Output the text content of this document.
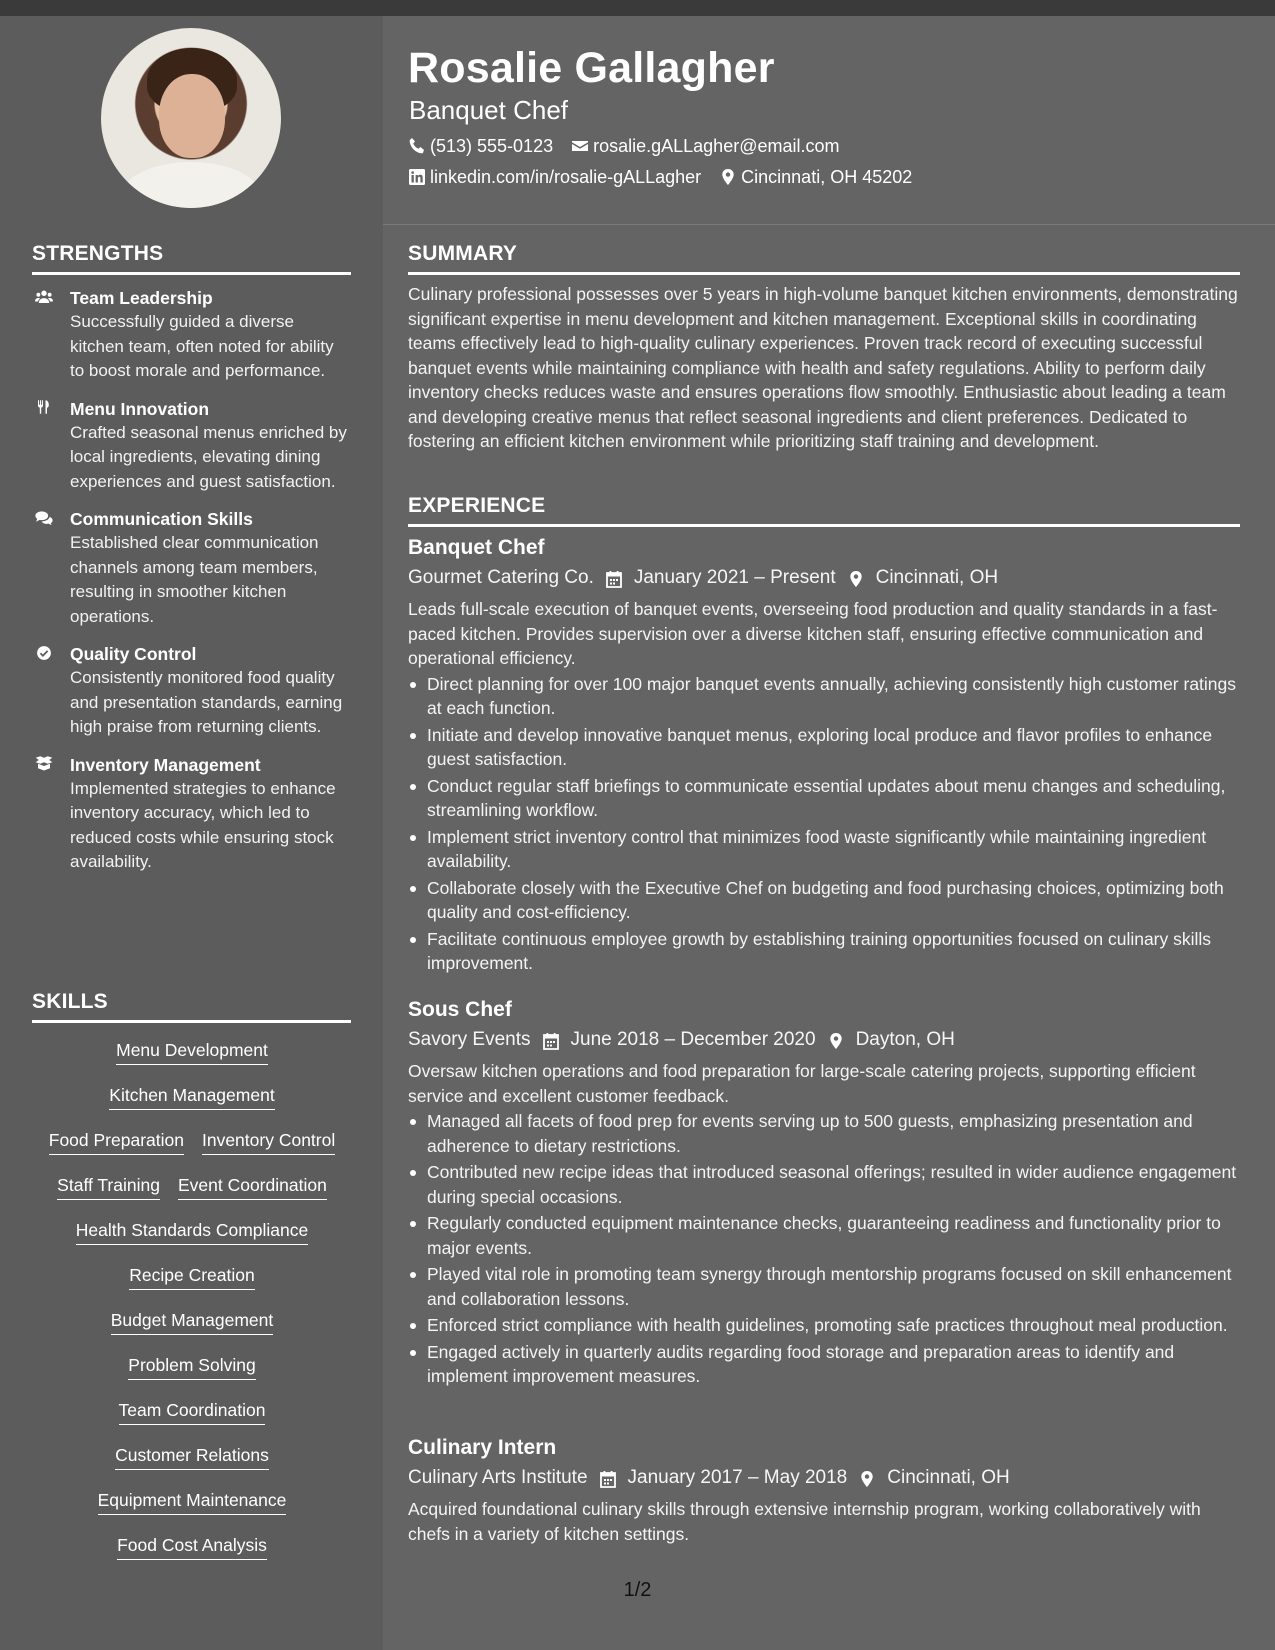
STRENGTHS
Team Leadership
Successfully guided a diverse kitchen team, often noted for ability to boost morale and performance.
Menu Innovation
Crafted seasonal menus enriched by local ingredients, elevating dining experiences and guest satisfaction.
Communication Skills
Established clear communication channels among team members, resulting in smoother kitchen operations.
Quality Control
Consistently monitored food quality and presentation standards, earning high praise from returning clients.
Inventory Management
Implemented strategies to enhance inventory accuracy, which led to reduced costs while ensuring stock availability.
SKILLS
Menu Development
Kitchen Management
Food Preparation Inventory Control
Staff Training Event Coordination
Health Standards Compliance
Recipe Creation
Budget Management
Problem Solving
Team Coordination
Customer Relations
Equipment Maintenance
Food Cost Analysis
Rosalie Gallagher
Banquet Chef
(513) 555-0123 rosalie.gALLagher@email.com
linkedin.com/in/rosalie-gALLagher Cincinnati, OH 45202
SUMMARY
Culinary professional possesses over 5 years in high-volume banquet kitchen environments, demonstrating significant expertise in menu development and kitchen management. Exceptional skills in coordinating teams effectively lead to high-quality culinary experiences. Proven track record of executing successful banquet events while maintaining compliance with health and safety regulations. Ability to perform daily inventory checks reduces waste and ensures operations flow smoothly. Enthusiastic about leading a team and developing creative menus that reflect seasonal ingredients and client preferences. Dedicated to fostering an efficient kitchen environment while prioritizing staff training and development.
EXPERIENCE
Banquet Chef
Gourmet Catering Co. January 2021 – Present Cincinnati, OH
Leads full-scale execution of banquet events, overseeing food production and quality standards in a fast-paced kitchen. Provides supervision over a diverse kitchen staff, ensuring effective communication and operational efficiency.
Direct planning for over 100 major banquet events annually, achieving consistently high customer ratings at each function.
Initiate and develop innovative banquet menus, exploring local produce and flavor profiles to enhance guest satisfaction.
Conduct regular staff briefings to communicate essential updates about menu changes and scheduling, streamlining workflow.
Implement strict inventory control that minimizes food waste significantly while maintaining ingredient availability.
Collaborate closely with the Executive Chef on budgeting and food purchasing choices, optimizing both quality and cost-efficiency.
Facilitate continuous employee growth by establishing training opportunities focused on culinary skills improvement.
Sous Chef
Savory Events June 2018 – December 2020 Dayton, OH
Oversaw kitchen operations and food preparation for large-scale catering projects, supporting efficient service and excellent customer feedback.
Managed all facets of food prep for events serving up to 500 guests, emphasizing presentation and adherence to dietary restrictions.
Contributed new recipe ideas that introduced seasonal offerings; resulted in wider audience engagement during special occasions.
Regularly conducted equipment maintenance checks, guaranteeing readiness and functionality prior to major events.
Played vital role in promoting team synergy through mentorship programs focused on skill enhancement and collaboration lessons.
Enforced strict compliance with health guidelines, promoting safe practices throughout meal production.
Engaged actively in quarterly audits regarding food storage and preparation areas to identify and implement improvement measures.
Culinary Intern
Culinary Arts Institute January 2017 – May 2018 Cincinnati, OH
Acquired foundational culinary skills through extensive internship program, working collaboratively with chefs in a variety of kitchen settings.
1/2
